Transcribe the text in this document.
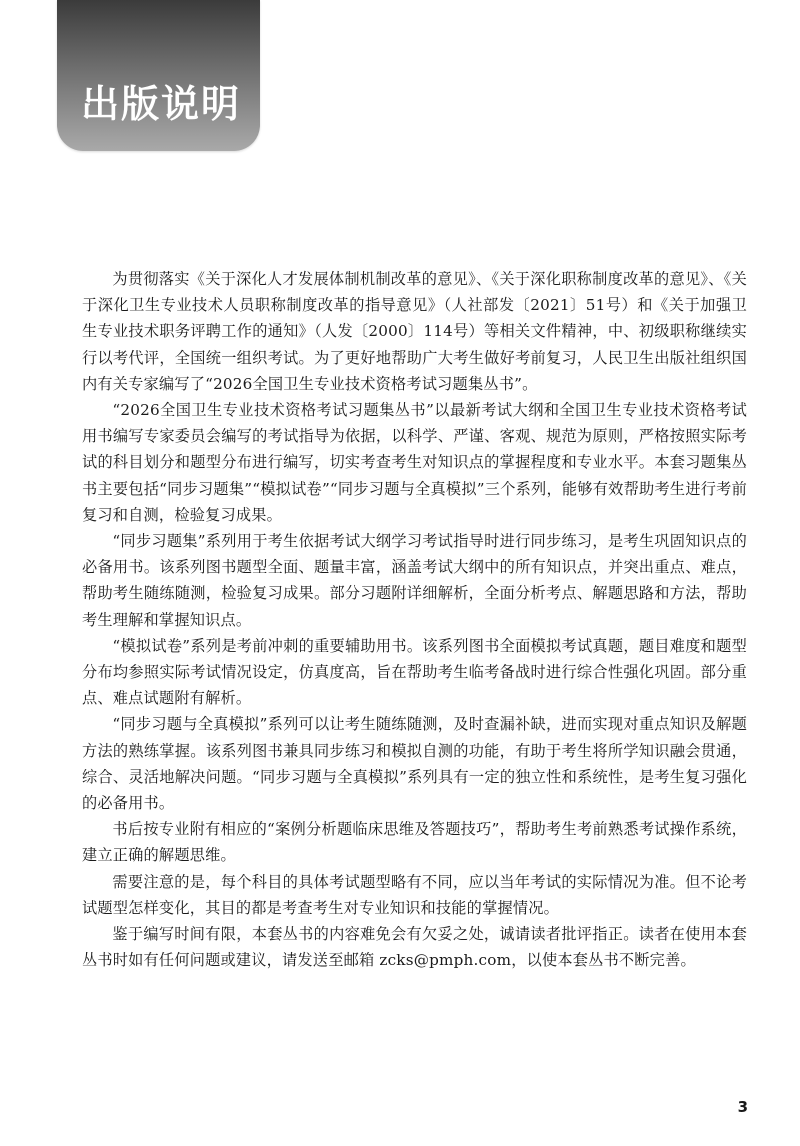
出版说明

为贯彻落实《关于深化人才发展体制机制改革的意见》、《关于深化职称制度改革的意见》、《关于深化卫生专业技术人员职称制度改革的指导意见》（人社部发〔2021〕51号）和《关于加强卫生专业技术职务评聘工作的通知》（人发〔2000〕114号）等相关文件精神，中、初级职称继续实行以考代评，全国统一组织考试。为了更好地帮助广大考生做好考前复习，人民卫生出版社组织国内有关专家编写了“2026全国卫生专业技术资格考试习题集丛书”。

“2026全国卫生专业技术资格考试习题集丛书”以最新考试大纲和全国卫生专业技术资格考试用书编写专家委员会编写的考试指导为依据，以科学、严谨、客观、规范为原则，严格按照实际考试的科目划分和题型分布进行编写，切实考查考生对知识点的掌握程度和专业水平。本套习题集丛书主要包括“同步习题集”“模拟试卷”“同步习题与全真模拟”三个系列，能够有效帮助考生进行考前复习和自测，检验复习成果。

“同步习题集”系列用于考生依据考试大纲学习考试指导时进行同步练习，是考生巩固知识点的必备用书。该系列图书题型全面、题量丰富，涵盖考试大纲中的所有知识点，并突出重点、难点，帮助考生随练随测，检验复习成果。部分习题附详细解析，全面分析考点、解题思路和方法，帮助考生理解和掌握知识点。

“模拟试卷”系列是考前冲刺的重要辅助用书。该系列图书全面模拟考试真题，题目难度和题型分布均参照实际考试情况设定，仿真度高，旨在帮助考生临考备战时进行综合性强化巩固。部分重点、难点试题附有解析。

“同步习题与全真模拟”系列可以让考生随练随测，及时查漏补缺，进而实现对重点知识及解题方法的熟练掌握。该系列图书兼具同步练习和模拟自测的功能，有助于考生将所学知识融会贯通，综合、灵活地解决问题。“同步习题与全真模拟”系列具有一定的独立性和系统性，是考生复习强化的必备用书。

书后按专业附有相应的“案例分析题临床思维及答题技巧”，帮助考生考前熟悉考试操作系统，建立正确的解题思维。

需要注意的是，每个科目的具体考试题型略有不同，应以当年考试的实际情况为准。但不论考试题型怎样变化，其目的都是考查考生对专业知识和技能的掌握情况。

鉴于编写时间有限，本套丛书的内容难免会有欠妥之处，诚请读者批评指正。读者在使用本套丛书时如有任何问题或建议，请发送至邮箱 zcks@pmph.com，以使本套丛书不断完善。

3
